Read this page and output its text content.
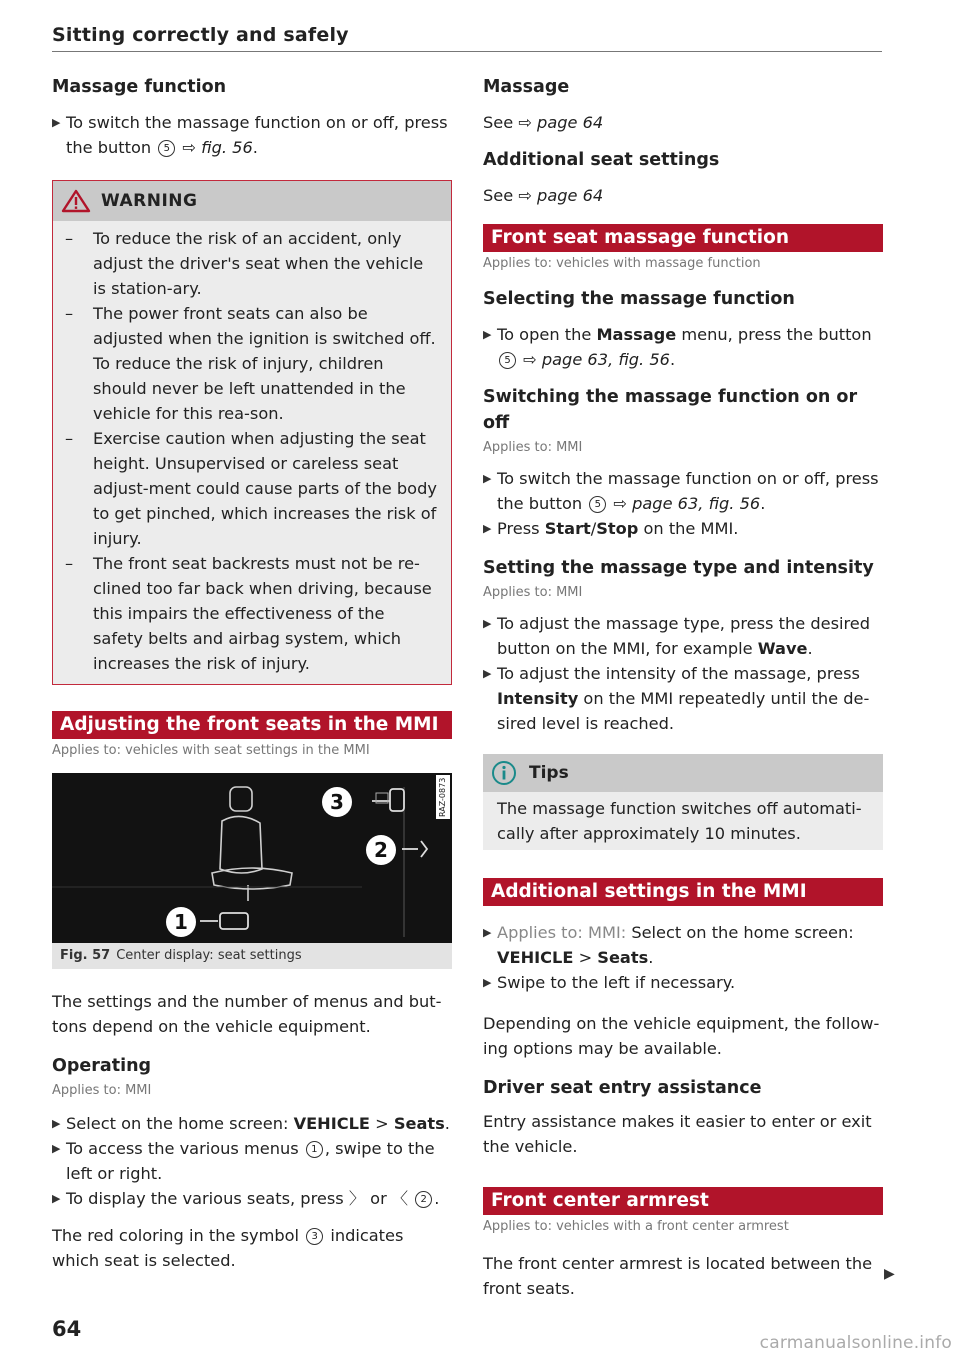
Sitting correctly and safely
Massage function
▶ To switch the massage function on or off, press the button 5 ⇨ fig. 56.
WARNING
– To reduce the risk of an accident, only adjust the driver's seat when the vehicle is station-ary.
– The power front seats can also be adjusted when the ignition is switched off. To reduce the risk of injury, children should never be left unattended in the vehicle for this rea-son.
– Exercise caution when adjusting the seat height. Unsupervised or careless seat adjust-ment could cause parts of the body to get pinched, which increases the risk of injury.
– The front seat backrests must not be re-clined too far back when driving, because this impairs the effectiveness of the safety belts and airbag system, which increases the risk of injury.
Adjusting the front seats in the MMI
Applies to: vehicles with seat settings in the MMI
3
2
1
RAZ-0873
Fig. 57 Center display: seat settings

The settings and the number of menus and but-tons depend on the vehicle equipment.

Operating
Applies to: MMI
▶ Select on the home screen: VEHICLE > Seats.
▶ To access the various menus 1 , swipe to the left or right.
▶ To display the various seats, press 〉 or 〈 2 .

The red coloring in the symbol 3 indicates which seat is selected.

Massage

See ⇨ page 64

Additional seat settings

See ⇨ page 64

Front seat massage function
Applies to: vehicles with massage function
Selecting the massage function
▶ To open the Massage menu, press the button 5 ⇨ page 63, fig. 56.
Switching the massage function on or off
Applies to: MMI
▶ To switch the massage function on or off, press the button 5 ⇨ page 63, fig. 56.
▶ Press Start/Stop on the MMI.
Setting the massage type and intensity
Applies to: MMI
▶ To adjust the massage type, press the desired button on the MMI, for example Wave.
▶ To adjust the intensity of the massage, press Intensity on the MMI repeatedly until the de-sired level is reached.
Tips

The massage function switches off automati-cally after approximately 10 minutes.

Additional settings in the MMI
▶ Applies to: MMI: Select on the home screen: VEHICLE > Seats.
▶ Swipe to the left if necessary.

Depending on the vehicle equipment, the follow-ing options may be available.

Driver seat entry assistance

Entry assistance makes it easier to enter or exit the vehicle.

Front center armrest
Applies to: vehicles with a front center armrest

The front center armrest is located between the front seats.

▶
64
carmanualsonline.info
